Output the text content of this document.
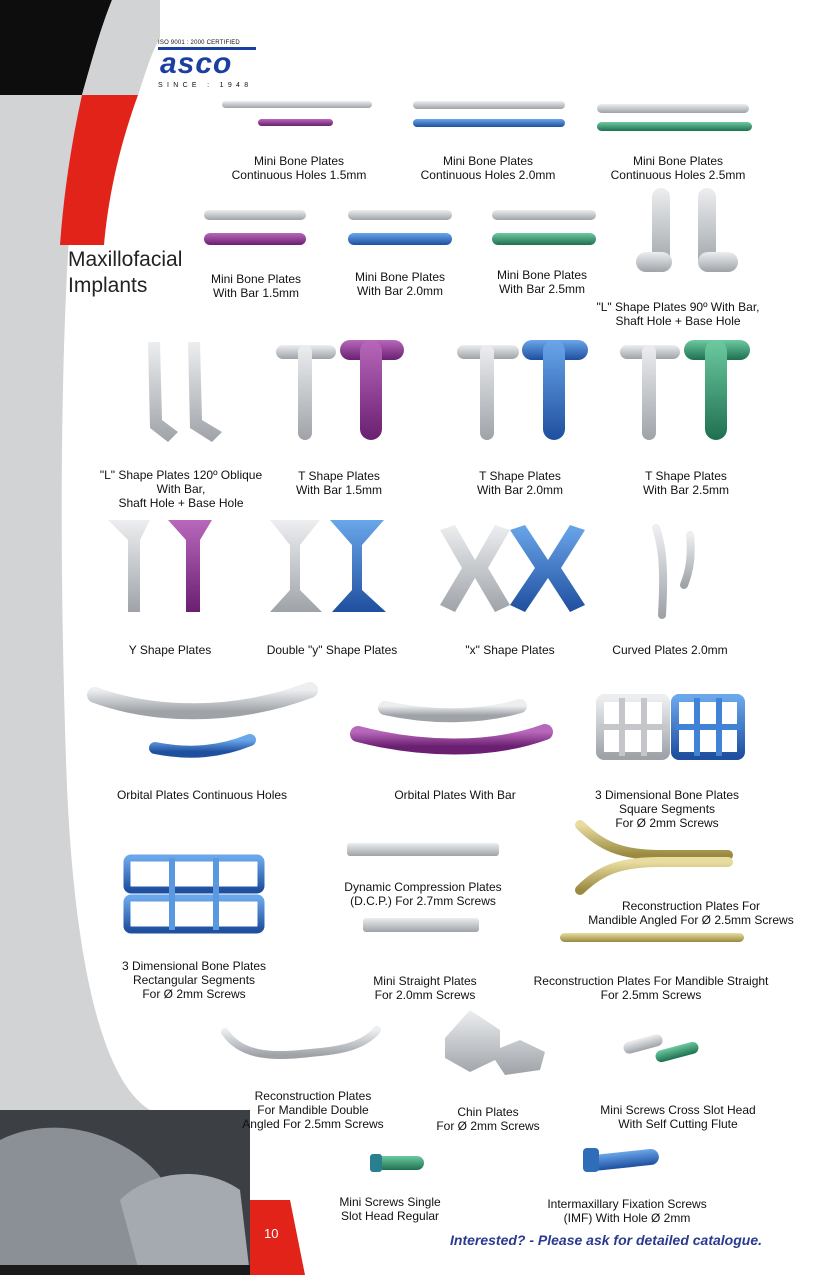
ISO 9001 : 2000 CERTIFIED
asco
SINCE : 1948
Maxillofacial
Implants

Mini Bone Plates
Continuous Holes 1.5mm

Mini Bone Plates
Continuous Holes 2.0mm

Mini Bone Plates
Continuous Holes 2.5mm

Mini Bone Plates
With Bar 1.5mm

Mini Bone Plates
With Bar 2.0mm

Mini Bone Plates
With Bar 2.5mm

"L" Shape Plates 90º With Bar,
Shaft Hole + Base Hole

"L" Shape Plates 120º Oblique
With Bar,
Shaft Hole + Base Hole

T Shape Plates
With Bar 1.5mm

T Shape Plates
With Bar 2.0mm

T Shape Plates
With Bar 2.5mm

Y Shape Plates	Double "y" Shape Plates	"x" Shape Plates	Curved Plates 2.0mm

Orbital Plates Continuous Holes	Orbital Plates With Bar	3 Dimensional Bone Plates
Square Segments
For Ø 2mm Screws

Dynamic Compression Plates
(D.C.P.) For 2.7mm Screws	Reconstruction Plates For
Mandible Angled For Ø 2.5mm Screws

3 Dimensional Bone Plates
Rectangular Segments
For Ø 2mm Screws

Mini Straight Plates
For 2.0mm Screws

Reconstruction Plates For Mandible Straight
For 2.5mm Screws

Reconstruction Plates
For Mandible Double
Angled For 2.5mm Screws

Chin Plates
For Ø 2mm Screws

Mini Screws Cross Slot Head
With Self Cutting Flute

Mini Screws Single
Slot Head Regular

Intermaxillary Fixation Screws
(IMF) With Hole Ø 2mm

10	Interested? - Please ask for detailed catalogue.
